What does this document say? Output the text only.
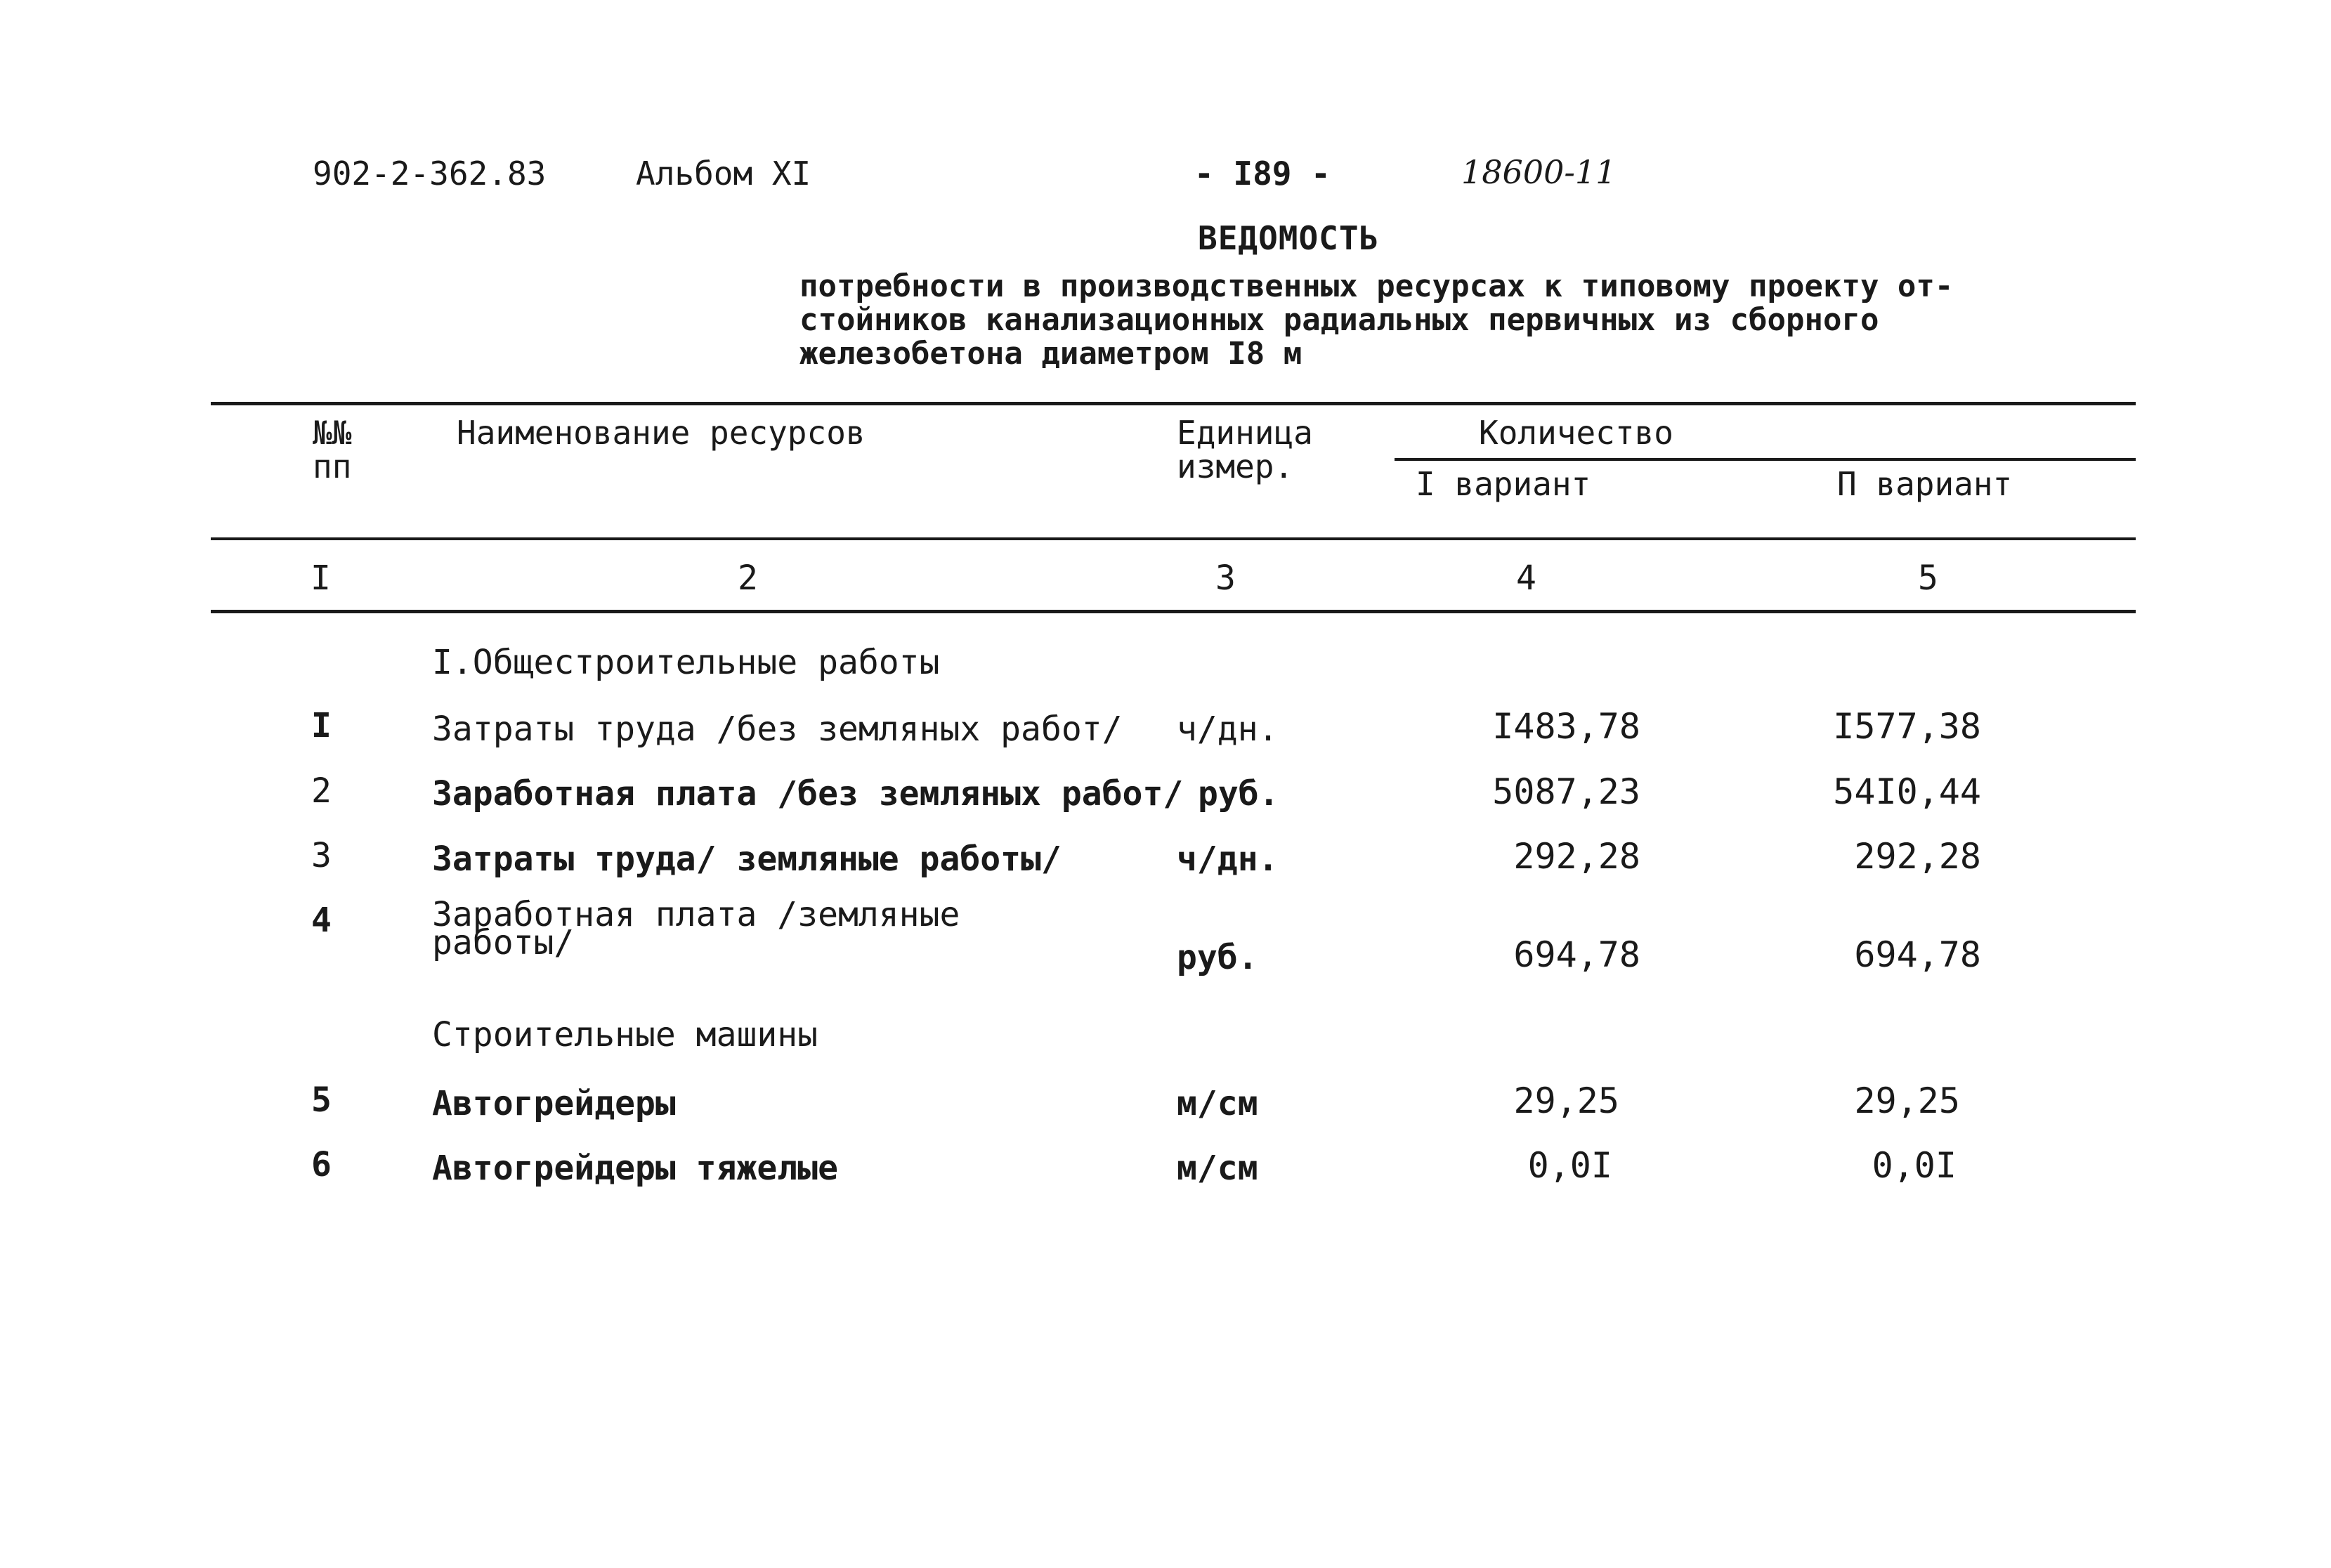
902-2-362.83	Альбом XI	- I89 -	18600-11
ВЕДОМОСТЬ
потребности в производственных ресурсах к типовому проекту от-
стойников канализационных радиальных первичных из сборного
железобетона диаметром I8 м
№№
пп
Наименование ресурсов	Единица
измер.
Количество
I вариант	П вариант
I	2	3	4	5
I.Общестроительные работы
I	Затраты труда /без земляных работ/ ч/дн.	I483,78	I577,38
2	Заработная плата /без земляных работ/ руб.	5087,23	54I0,44
3	Затраты труда/ земляные работы/	ч/дн.	292,28	292,28
4	Заработная плата /земляные
работы/	руб.	694,78	694,78
Строительные машины
5	Автогрейдеры	м/см	29,25	29,25
6	Автогрейдеры тяжелые	м/см	0,0I	0,0I
